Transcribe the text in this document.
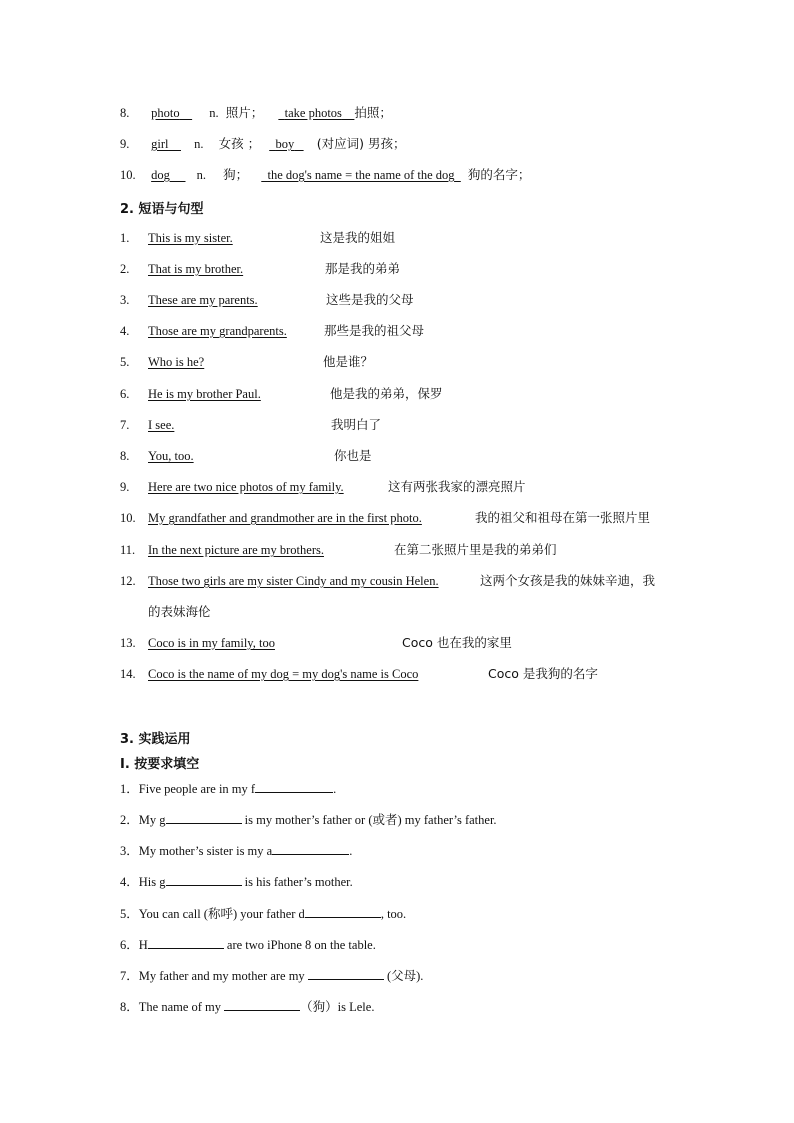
8. photo n. 照片； take photos 拍照；
9. girl n. 女孩 ； boy (对应词) 男孩；
10. dog n. 狗； the dog's name = the name of the dog 狗的名字；
2. 短语与句型
1. This is my sister.	这是我的姐姐
2. That is my brother.	那是我的弟弟
3. These are my parents.	这些是我的父母
4. Those are my grandparents.	那些是我的祖父母
5. Who is he?	他是谁？
6. He is my brother Paul.	他是我的弟弟，保罗
7. I see.	我明白了
8. You, too.	你也是
9. Here are two nice photos of my family.	这有两张我家的漂亮照片
10. My grandfather and grandmother are in the first photo.	我的祖父和祖母在第一张照片里
11. In the next picture are my brothers.	在第二张照片里是我的弟弟们
12. Those two girls are my sister Cindy and my cousin Helen.	这两个女孩是我的妹妹辛迪，我
的表妹海伦
13. Coco is in my family, too	Coco 也在我的家里
14. Coco is the name of my dog = my dog's name is Coco	Coco 是我狗的名字
3. 实践运用
I. 按要求填空
1．Five people are in my f	.
2．My g	is my mother’s father or (或者) my father’s father.
3．My mother’s sister is my a	.
4．His g	is his father’s mother.
5．You can call (称呼) your father d	, too.
6．H	are two iPhone 8 on the table.
7．My father and my mother are my	(父母).
8．The name of my	（狗）is Lele.
